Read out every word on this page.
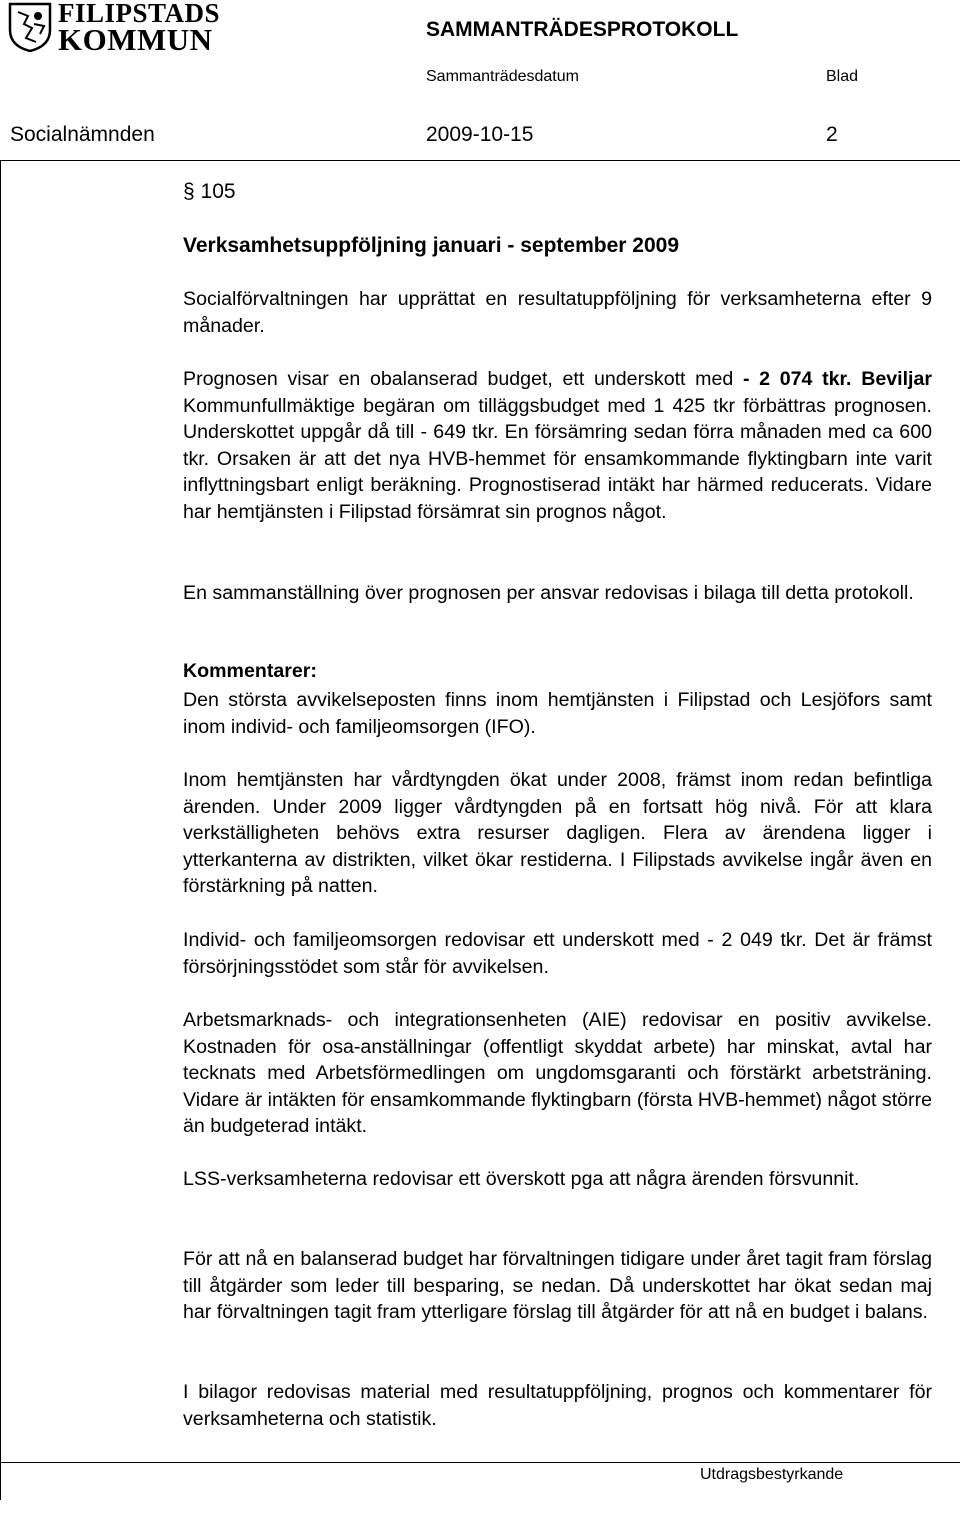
FILIPSTADS
KOMMUN	SAMMANTRÄDESPROTOKOLL
Sammanträdesdatum	Blad
Socialnämnden	2009-10-15	2
§ 105
Verksamhetsuppföljning januari - september 2009

Socialförvaltningen har upprättat en resultatuppföljning för verksamheterna efter 9 månader.

Prognosen visar en obalanserad budget, ett underskott med - 2 074 tkr. Beviljar Kommunfullmäktige begäran om tilläggsbudget med 1 425 tkr förbättras prognosen. Underskottet uppgår då till - 649 tkr. En försämring sedan förra månaden med ca 600 tkr. Orsaken är att det nya HVB-hemmet för ensamkommande flyktingbarn inte varit inflyttningsbart enligt beräkning. Prognostiserad intäkt har härmed reducerats. Vidare har hemtjänsten i Filipstad försämrat sin prognos något.

En sammanställning över prognosen per ansvar redovisas i bilaga till detta protokoll.

Kommentarer:

Den största avvikelseposten finns inom hemtjänsten i Filipstad och Lesjöfors samt inom individ- och familjeomsorgen (IFO).

Inom hemtjänsten har vårdtyngden ökat under 2008, främst inom redan befintliga ärenden. Under 2009 ligger vårdtyngden på en fortsatt hög nivå. För att klara verkställigheten behövs extra resurser dagligen. Flera av ärendena ligger i ytterkanterna av distrikten, vilket ökar restiderna. I Filipstads avvikelse ingår även en förstärkning på natten.

Individ- och familjeomsorgen redovisar ett underskott med - 2 049 tkr. Det är främst försörjningsstödet som står för avvikelsen.

Arbetsmarknads- och integrationsenheten (AIE) redovisar en positiv avvikelse. Kostnaden för osa-anställningar (offentligt skyddat arbete) har minskat, avtal har tecknats med Arbetsförmedlingen om ungdomsgaranti och förstärkt arbetsträning. Vidare är intäkten för ensamkommande flyktingbarn (första HVB-hemmet) något större än budgeterad intäkt.

LSS-verksamheterna redovisar ett överskott pga att några ärenden försvunnit.

För att nå en balanserad budget har förvaltningen tidigare under året tagit fram förslag till åtgärder som leder till besparing, se nedan. Då underskottet har ökat sedan maj har förvaltningen tagit fram ytterligare förslag till åtgärder för att nå en budget i balans.

I bilagor redovisas material med resultatuppföljning, prognos och kommentarer för verksamheterna och statistik.

Utdragsbestyrkande
